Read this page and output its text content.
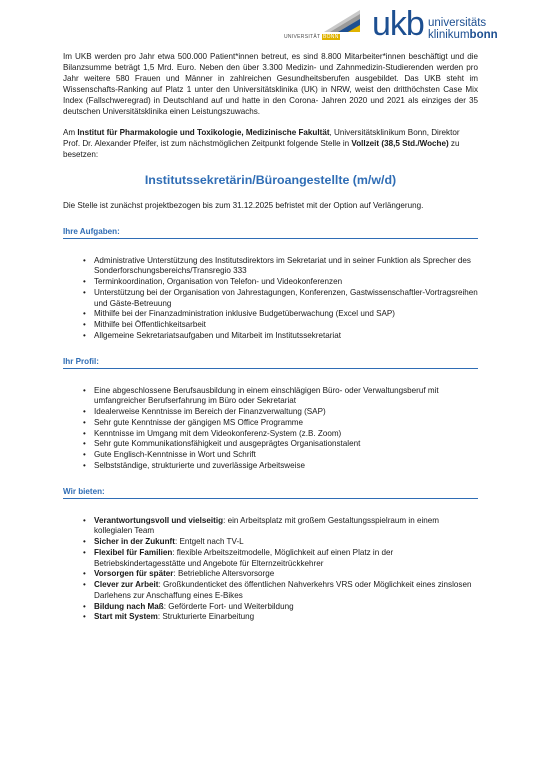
UNIVERSITÄT BONN ukb universitäts
klinikumbonn

Im UKB werden pro Jahr etwa 500.000 Patient*innen betreut, es sind 8.800 Mitarbeiter*innen beschäftigt und die Bilanzsumme beträgt 1,5 Mrd. Euro. Neben den über 3.300 Medizin- und Zahnmedizin-Studierenden werden pro Jahr weitere 580 Frauen und Männer in zahlreichen Gesundheitsberufen ausgebildet. Das UKB steht im Wissenschafts-Ranking auf Platz 1 unter den Universitätsklinika (UK) in NRW, weist den dritthöchsten Case Mix Index (Fallschweregrad) in Deutschland auf und hatte in den Corona- Jahren 2020 und 2021 als einziges der 35 deutschen Universitätsklinika einen Leistungszuwachs.

Am Institut für Pharmakologie und Toxikologie, Medizinische Fakultät, Universitätsklinikum Bonn, Direktor Prof. Dr. Alexander Pfeifer, ist zum nächstmöglichen Zeitpunkt folgende Stelle in Vollzeit (38,5 Std./Woche) zu besetzen:

Institutssekretärin/Büroangestellte (m/w/d)

Die Stelle ist zunächst projektbezogen bis zum 31.12.2025 befristet mit der Option auf Verlängerung.

Ihre Aufgaben:
• Administrative Unterstützung des Institutsdirektors im Sekretariat und in seiner Funktion als Sprecher des Sonderforschungsbereichs/Transregio 333
• Terminkoordination, Organisation von Telefon- und Videokonferenzen
• Unterstützung bei der Organisation von Jahrestagungen, Konferenzen, Gastwissenschaftler-Vortragsreihen und Gäste-Betreuung
• Mithilfe bei der Finanzadministration inklusive Budgetüberwachung (Excel und SAP)
• Mithilfe bei Öffentlichkeitsarbeit
• Allgemeine Sekretariatsaufgaben und Mitarbeit im Institutssekretariat
Ihr Profil:
• Eine abgeschlossene Berufsausbildung in einem einschlägigen Büro- oder Verwaltungsberuf mit umfangreicher Berufserfahrung im Büro oder Sekretariat
• Idealerweise Kenntnisse im Bereich der Finanzverwaltung (SAP)
• Sehr gute Kenntnisse der gängigen MS Office Programme
• Kenntnisse im Umgang mit dem Videokonferenz-System (z.B. Zoom)
• Sehr gute Kommunikationsfähigkeit und ausgeprägtes Organisationstalent
• Gute Englisch-Kenntnisse in Wort und Schrift
• Selbstständige, strukturierte und zuverlässige Arbeitsweise
Wir bieten:
• Verantwortungsvoll und vielseitig: ein Arbeitsplatz mit großem Gestaltungsspielraum in einem kollegialen Team
• Sicher in der Zukunft: Entgelt nach TV-L
• Flexibel für Familien: flexible Arbeitszeitmodelle, Möglichkeit auf einen Platz in der Betriebskindertagesstätte und Angebote für Elternzeitrückkehrer
• Vorsorgen für später: Betriebliche Altersvorsorge
• Clever zur Arbeit: Großkundenticket des öffentlichen Nahverkehrs VRS oder Möglichkeit eines zinslosen Darlehens zur Anschaffung eines E-Bikes
• Bildung nach Maß: Geförderte Fort- und Weiterbildung
• Start mit System: Strukturierte Einarbeitung
